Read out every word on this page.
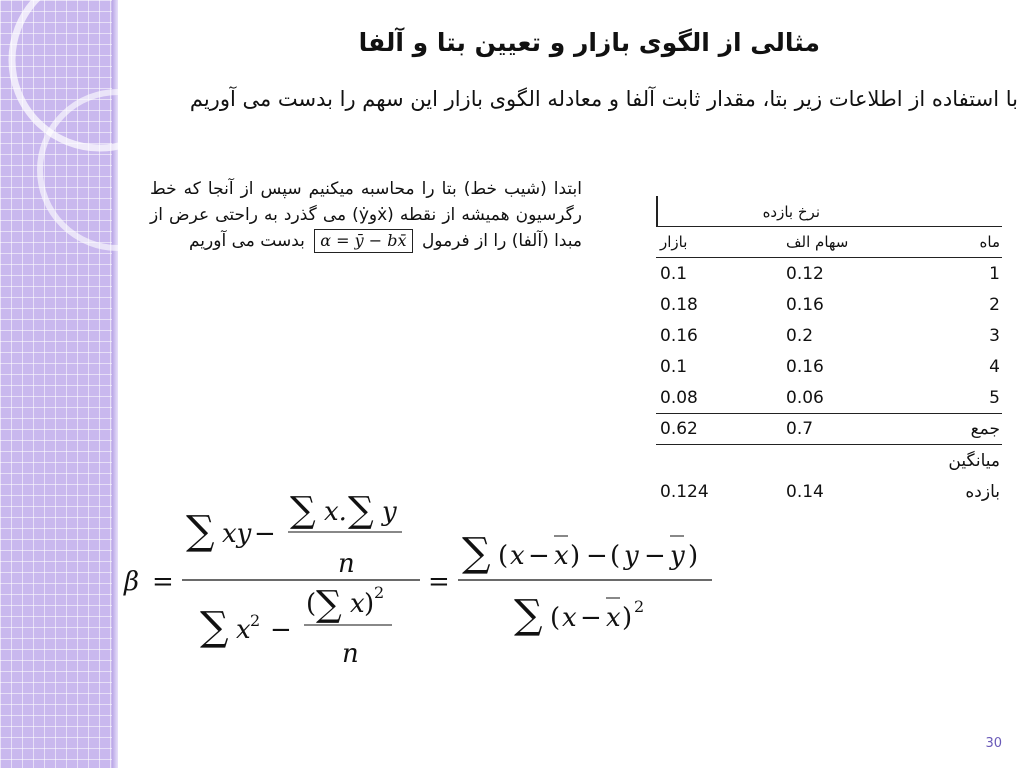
مثالی از الگوی بازار و تعیین بتا و آلفا
با استفاده از اطلاعات زیر بتا، مقدار ثابت آلفا و معادله الگوی بازار این سهم را بدست می آوریم
ابتدا (شیب خط) بتا را محاسبه میکنیم سپس از آنجا که خط رگرسیون همیشه از نقطه (ẋوẏ) می گذرد به راحتی عرض از مبدا (آلفا) را از فرمول α = ȳ − bx̄ بدست می آوریم
نرخ بازده
ماه
سهام الف
بازار
1
0.12
0.1
2
0.16
0.18
3
0.2
0.16
4
0.16
0.1
5
0.06
0.08
جمع
0.7
0.62
میانگین
بازده
0.14
0.124
β =
∑ xy −
∑ x. ∑ y
n
∑ x 2 −
( ∑ x ) 2
n
=
∑ ( x − x ) − ( y − y )
∑ ( x − x ) 2
30
